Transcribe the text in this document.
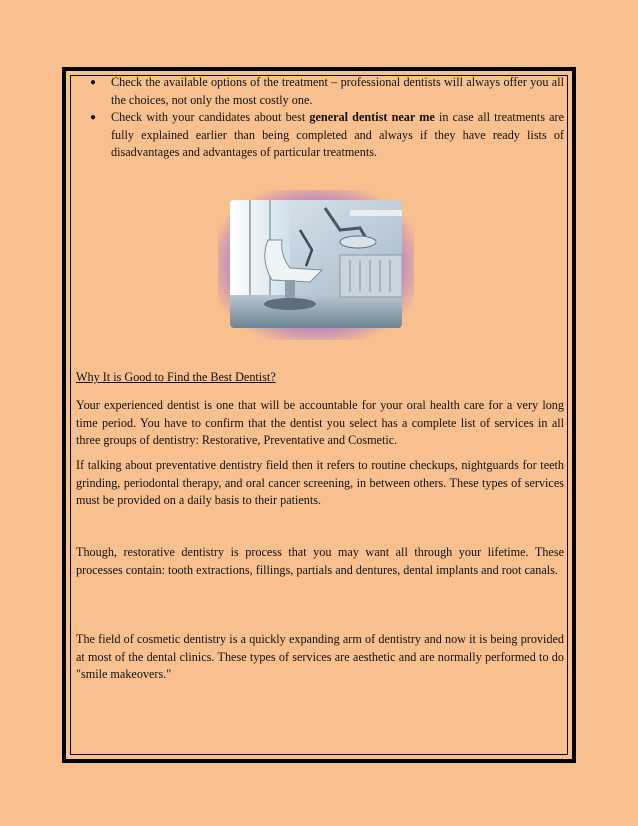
● Check the available options of the treatment – professional dentists will always offer you all the choices, not only the most costly one.
● Check with your candidates about best general dentist near me in case all treatments are fully explained earlier than being completed and always if they have ready lists of disadvantages and advantages of particular treatments.
Why It is Good to Find the Best Dentist?

Your experienced dentist is one that will be accountable for your oral health care for a very long time period. You have to confirm that the dentist you select has a complete list of services in all three groups of dentistry: Restorative, Preventative and Cosmetic.

If talking about preventative dentistry field then it refers to routine checkups, nightguards for teeth grinding, periodontal therapy, and oral cancer screening, in between others. These types of services must be provided on a daily basis to their patients.

Though, restorative dentistry is process that you may want all through your lifetime. These processes contain: tooth extractions, fillings, partials and dentures, dental implants and root canals.

The field of cosmetic dentistry is a quickly expanding arm of dentistry and now it is being provided at most of the dental clinics. These types of services are aesthetic and are normally performed to do "smile makeovers."
